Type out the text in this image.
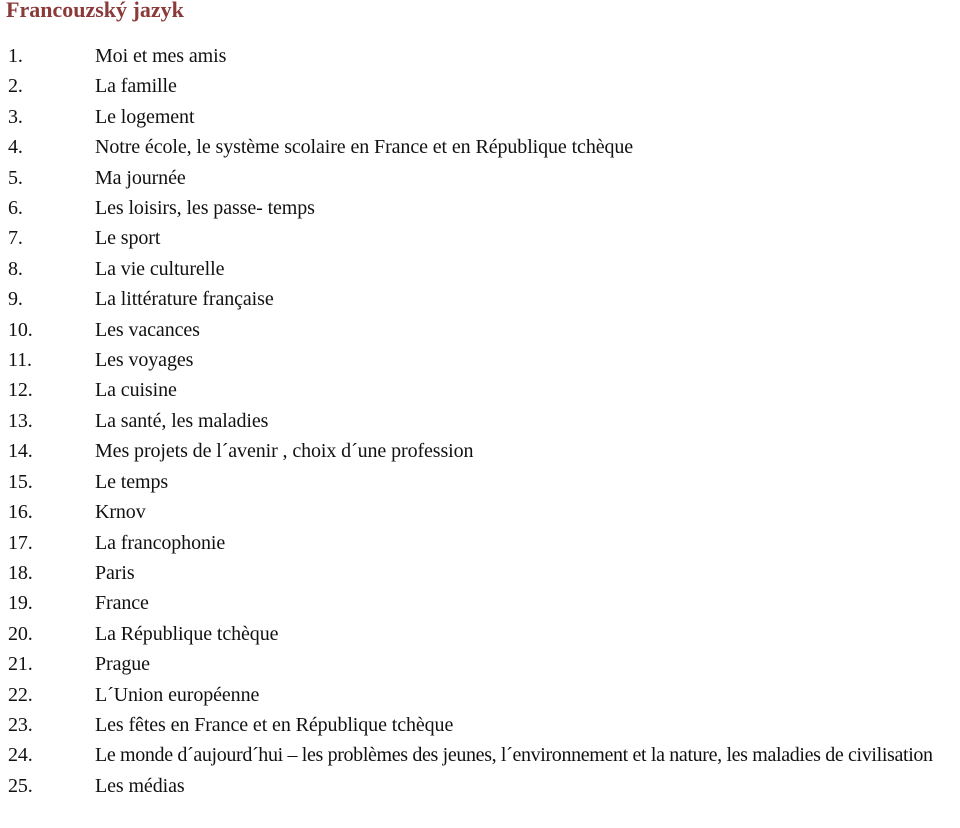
Francouzský jazyk
1.	Moi et mes amis
2.	La famille
3.	Le logement
4.	Notre école, le système scolaire en France et en République tchèque
5.	Ma journée
6.	Les loisirs, les passe- temps
7.	Le sport
8.	La vie culturelle
9.	La littérature française
10.	Les vacances
11.	Les voyages
12.	La cuisine
13.	La santé, les maladies
14.	Mes projets de l´avenir , choix d´une profession
15.	Le temps
16.	Krnov
17.	La francophonie
18.	Paris
19.	France
20.	La République tchèque
21.	Prague
22.	L´Union européenne
23.	Les fêtes en France et en République tchèque
24.	Le monde d´aujourd´hui – les problèmes des jeunes, l´environnement et la nature, les maladies de civilisation
25.	Les médias
